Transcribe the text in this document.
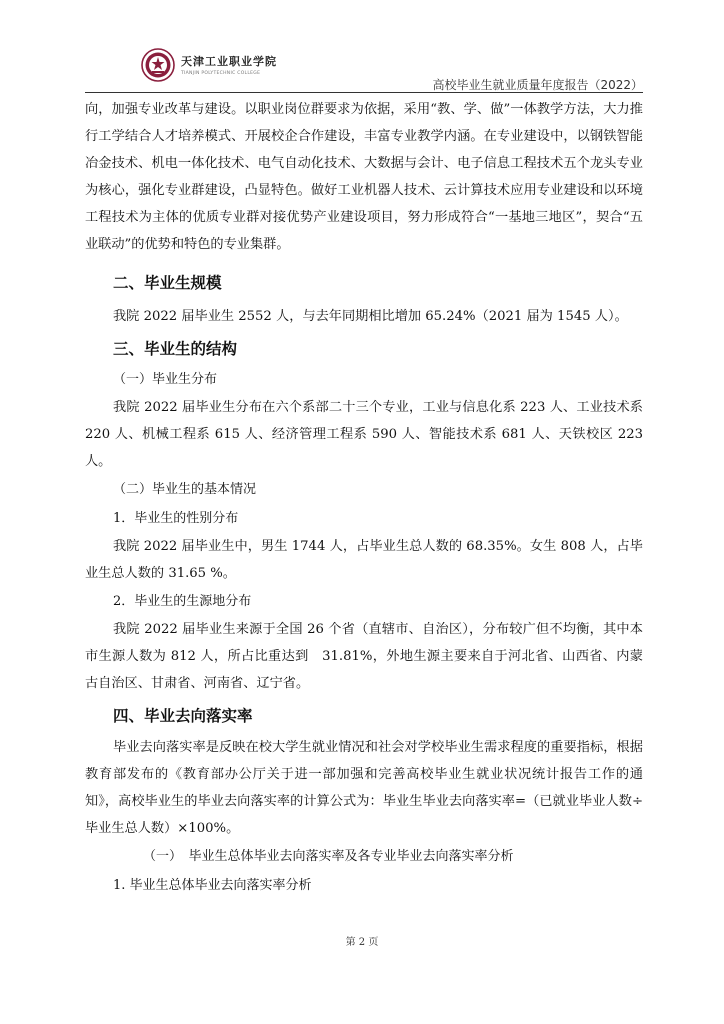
天津工业职业学院
TIANJIN POLYTECHNIC COLLEGE
高校毕业生就业质量年度报告（2022）

向，加强专业改革与建设。以职业岗位群要求为依据，采用“教、学、做”一体教学方法，大力推行工学结合人才培养模式、开展校企合作建设，丰富专业教学内涵。在专业建设中，以钢铁智能冶金技术、机电一体化技术、电气自动化技术、大数据与会计、电子信息工程技术五个龙头专业为核心，强化专业群建设，凸显特色。做好工业机器人技术、云计算技术应用专业建设和以环境工程技术为主体的优质专业群对接优势产业建设项目，努力形成符合“一基地三地区”，契合“五业联动”的优势和特色的专业集群。

二、毕业生规模

我院 2022 届毕业生 2552 人，与去年同期相比增加 65.24%（2021 届为 1545 人）。

三、毕业生的结构
（一）毕业生分布

我院 2022 届毕业生分布在六个系部二十三个专业，工业与信息化系 223 人、工业技术系 220 人、机械工程系 615 人、经济管理工程系 590 人、智能技术系 681 人、天铁校区 223 人。

（二）毕业生的基本情况
1．毕业生的性别分布

我院 2022 届毕业生中，男生 1744 人，占毕业生总人数的 68.35%。女生 808 人，占毕业生总人数的 31.65 %。

2．毕业生的生源地分布

我院 2022 届毕业生来源于全国 26 个省（直辖市、自治区），分布较广但不均衡，其中本市生源人数为 812 人，所占比重达到　31.81%，外地生源主要来自于河北省、山西省、内蒙古自治区、甘肃省、河南省、辽宁省。

四、毕业去向落实率

毕业去向落实率是反映在校大学生就业情况和社会对学校毕业生需求程度的重要指标，根据教育部发布的《教育部办公厅关于进一部加强和完善高校毕业生就业状况统计报告工作的通知》，高校毕业生的毕业去向落实率的计算公式为：毕业生毕业去向落实率=（已就业毕业人数÷毕业生总人数）×100%。

（一）　毕业生总体毕业去向落实率及各专业毕业去向落实率分析
1. 毕业生总体毕业去向落实率分析
第 2 页
